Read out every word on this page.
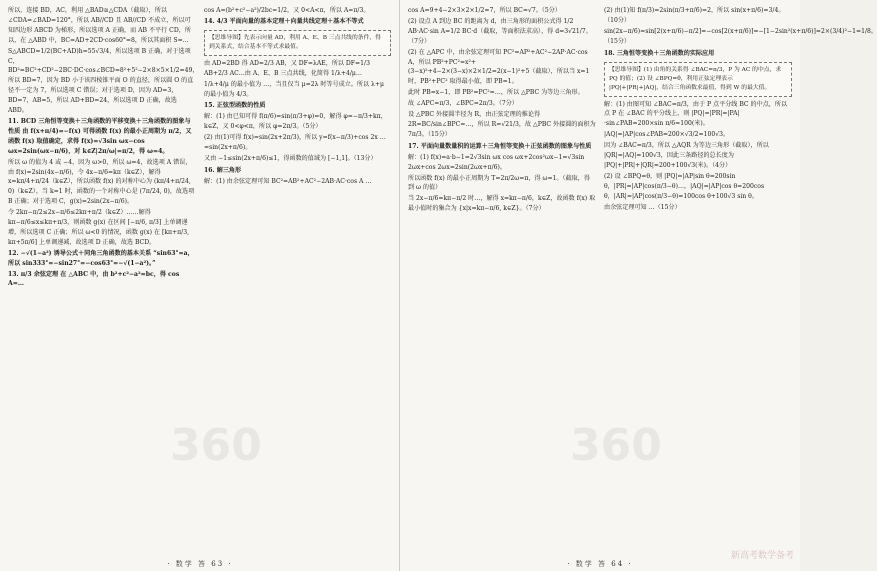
所以，连接 BD，AC，利用 △BAD≅△CDA（截取），所以 ∠CDA=∠BAD=120°，所以 AB//CD 且 AB//CD 不成立，所以可知四边形 ABCD 为梯形，所以选项 A 正确，而 AB 不平行 CD，所以，在 △ABD 中，BC=AD+2CD·cos60°=8，所以其面积 S=…

S△ABCD=1/2(BC+AD)h=55√3/4，所以选项 B 正确，对于选项 C，BD²=BC²+CD²−2BC·DC·cos∠BCD=8²+5²−2×8×5×1/2=49，所以 BD=7，因为 BD 小于该四棱锥平面 O 的直径，所以圆 O 的直径不一定为 7，所以选项 C 错误；对于选项 D，因为 AD=3，BD=7，AB=5，所以 AD+BD=24，所以选项 D 正确，故选 ABD。

11. BCD 三角恒等变换＋三角函数的平移变换＋三角函数的图象与性质 由 f(x+π/4)=−f(x) 可得函数 f(x) 的最小正周期为 π/2，又函数 f(x) 取值确定，求得 f(x)=√3sin ωx−cos ωx=2sin(ωx−π/6)，对 k∈Z|2π/ω|=π/2，得 ω=4。

所以 ω 的值为 4 或 −4，因为 ω>0，所以 ω=4，故选项 A 错误，由 f(x)=2sin(4x−π/6)，令 4x−π/6=kπ（k∈Z），解得 x=kπ/4+π/24（k∈Z），所以函数 f(x) 的对称中心为 (kπ/4+π/24, 0)（k∈Z），当 k=1 时，函数的一个对称中心是 (7π/24, 0)，故选项 B 正确；对于选项 C，g(x)=2sin(2x−π/6)。

令 2kπ−π/2≤2x−π/6≤2kπ+π/2（k∈Z）……解得 kπ−π/6≤x≤kπ+π/3，则函数 g(x) 在区间 [−π/6, π/3] 上单调递增，所以选项 C 正确；所以 ω<0 的情况，函数 g(x) 在 [kπ+π/3, kπ+5π/6] 上单调递减，故选项 D 正确，故选 BCD。

12. −√(1−a²) 诱导公式＋同角三角函数的基本关系 “sin63°=a，所以 sin333°=−sin27°=−cos63°=−√(1−a²)。”

13. π/3 余弦定理 在 △ABC 中，由 b²+c²−a²=bc，得 cos A=…

cos A=(b²+c²−a²)/2bc=1/2，又 0<A<π，所以 A=π/3。

14. 4/3 平面向量的基本定理＋向量共线定理＋基本不等式

【思维导图】先表示向量 AD，利用 A、E、B 三点共线的条件，得到关系式，结合基本不等式求最值。

由 AD=2BD 得 AD=2/3 AB，又 DF=λAE，所以 DF=1/3 AB+2/3 AC…由 A、E、B 三点共线，化简得 1/λ+4/μ…

1/λ+4/μ 的最小值为 …，当且仅当 μ=2λ 时等号成立。所以 λ+μ 的最小值为 4/3。

15. 正弦型函数的性质

解：(1) 由已知可得 f(π/6)=sin(π/3+φ)=0，解得 φ=−π/3+kπ，k∈Z，又 0<φ<π，所以 φ=2π/3。（5分）

(2) 由(1)可得 f(x)=sin(2x+2π/3)，所以 y=f(x−π/3)+cos 2x …=sin(2x+π/6)。

又由 −1≤sin(2x+π/6)≤1，得函数的值域为 [−1,1]。（13分）

16. 解三角形

解：(1) 由余弦定理可知 BC²=AB²+AC²−2AB·AC·cos A …

360
· 数学 答 63 ·

cos A=9+4−2×3×2×1/2=7，所以 BC=√7。（5分）

(2) 设点 A 到边 BC 的距离为 d，由三角形的面积公式得 1/2 AB·AC·sin A=1/2 BC·d（截取，等面积法求高），得 d=3√21/7。（7分）

(2) 在 △APC 中，由余弦定理可知 PC²=AP²+AC²−2AP·AC·cos A，所以 PB²+PC²=x²+(3−x)²+4−2×(3−x)×2×1/2=2(x−1)²+5（截取），所以当 x=1 时，PB²+PC² 取得最小值，即 PB=1。

此时 PB=x−1，即 PB²=PC²=…，所以 △PBC 为等边三角形。

故 ∠APC=π/3，∠BPC=2π/3。（7分）

设 △PBC 外接圆半径为 R，由正弦定理的推论得 2R=BC/sin∠BPC=…，所以 R=√21/3，故 △PBC 外接圆的面积为 7π/3。（15分）

17. 平面向量数量积的运算＋三角恒等变换＋正弦函数的图象与性质

解：(1) f(x)=a·b−1=2√3sin ωx cos ωx+2cos²ωx−1=√3sin 2ωx+cos 2ωx=2sin(2ωx+π/6)。

所以函数 f(x) 的最小正周期为 T=2π/2ω=π，得 ω=1。（截取，得到 ω 的值）

当 2x−π/6=kπ−π/2 时…，解得 x=kπ−π/6，k∈Z，故函数 f(x) 取最小值时的集合为 {x|x=kπ−π/6, k∈Z}。（7分）

(2) 由(1)知 f(π/3)=2sin(π/3+π/6)=2，所以 sin(x+π/6)=3/4。（10分）

sin(2x−π/6)=sin[2(x+π/6)−π/2]=−cos[2(x+π/6)]=−[1−2sin²(x+π/6)]=2×(3/4)²−1=1/8。（15分）

18. 三角恒等变换＋三角函数的实际应用

【思维导图】(1) 由角的关系得 ∠BAC=π/3，P 为 AC 的中点，求 PQ 的值；(2) 设 ∠BPQ=θ，利用正弦定理表示 |PQ|+|PR|+|AQ|，结合三角函数求最值，得到 W 的最大值。

解：(1) 由图可知 ∠BAC=π/3，由于 P 点平分线 BC 的中点，所以点 P 在 ∠BAC 的平分线上，则 |PQ|=|PR|=|PA|·sin∠PAB=200×sin π/6=100(米)。

|AQ|=|AP|cos∠PAB=200×√3/2=100√3。

因为 ∠BAC=π/3，所以 △AQR 为等边三角形（截取），所以 |QR|=|AQ|=100√3，因此三条路径的总长度为 |PQ|+|PR|+|QR|=200+100√3(米)。（4分）

(2) 设 ∠BPQ=θ，则 |PQ|=|AP|sin θ=200sin θ，|PR|=|AP|cos(π/3−θ)…，|AQ|=|AP|cos θ=200cos θ，|AR|=|AP|cos(π/3−θ)=100cos θ+100√3 sin θ。

由余弦定理可知 …（15分）

360
新高考数学备考
· 数学 答 64 ·
